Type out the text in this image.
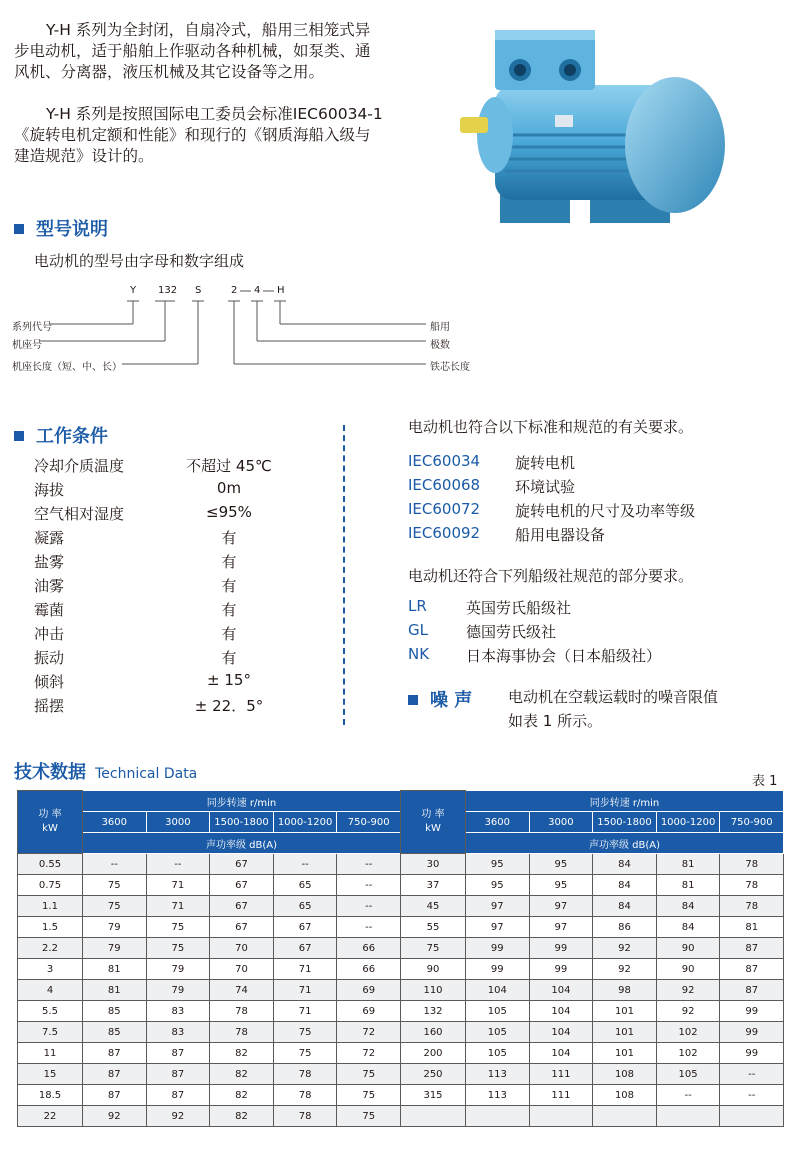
Y-H 系列为全封闭，自扇冷式，船用三相笼式异步电动机，适于船舶上作驱动各种机械，如泵类、通风机、分离器，液压机械及其它设备等之用。

Y-H 系列是按照国际电工委员会标准IEC60034-1《旋转电机定额和性能》和现行的《钢质海船入级与建造规范》设计的。

型号说明
电动机的型号由字母和数字组成
Y 132 S	2 4 H
系列代号
机座号
机座长度（短、中、长）
船用
极数
铁芯长度
工作条件
冷却介质温度	不超过 45℃
海拔	0m
空气相对湿度	≤95%
凝露	有
盐雾	有
油雾	有
霉菌	有
冲击	有
振动	有
倾斜	± 15°
摇摆	± 22．5°
电动机也符合以下标准和规范的有关要求。
IEC60034 旋转电机
IEC60068 环境试验
IEC60072 旋转电机的尺寸及功率等级
IEC60092 船用电器设备
电动机还符合下列船级社规范的部分要求。
LR	英国劳氏船级社
GL	德国劳氏级社
NK 日本海事协会（日本船级社）
噪 声 电动机在空载运载时的噪音限值
如表 1 所示。
技术数据 Technical Data	表 1
功 率
kW	同步转速 r/min				
	3600	3000	1500-1800	1000-1200	750-900
	声功率级 dB(A)				
0.55	--	--	67	--	--
0.75	75	71	67	65	--
1.1	75	71	67	65	--
1.5	79	75	67	67	--
2.2	79	75	70	67	66
3	81	79	70	71	66
4	81	79	74	71	69
5.5	85	83	78	71	69
7.5	85	83	78	75	72
11	87	87	82	75	72
15	87	87	82	78	75
18.5	87	87	82	78	75
22	92	92	82	78	75
功 率
kW	同步转速 r/min				
	3600	3000	1500-1800	1000-1200	750-900
	声功率级 dB(A)				
30	95	95	84	81	78
37	95	95	84	81	78
45	97	97	84	84	78
55	97	97	86	84	81
75	99	99	92	90	87
90	99	99	92	90	87
110	104	104	98	92	87
132	105	104	101	92	99
160	105	104	101	102	99
200	105	104	101	102	99
250	113	111	108	105	--
315	113	111	108	--	--
